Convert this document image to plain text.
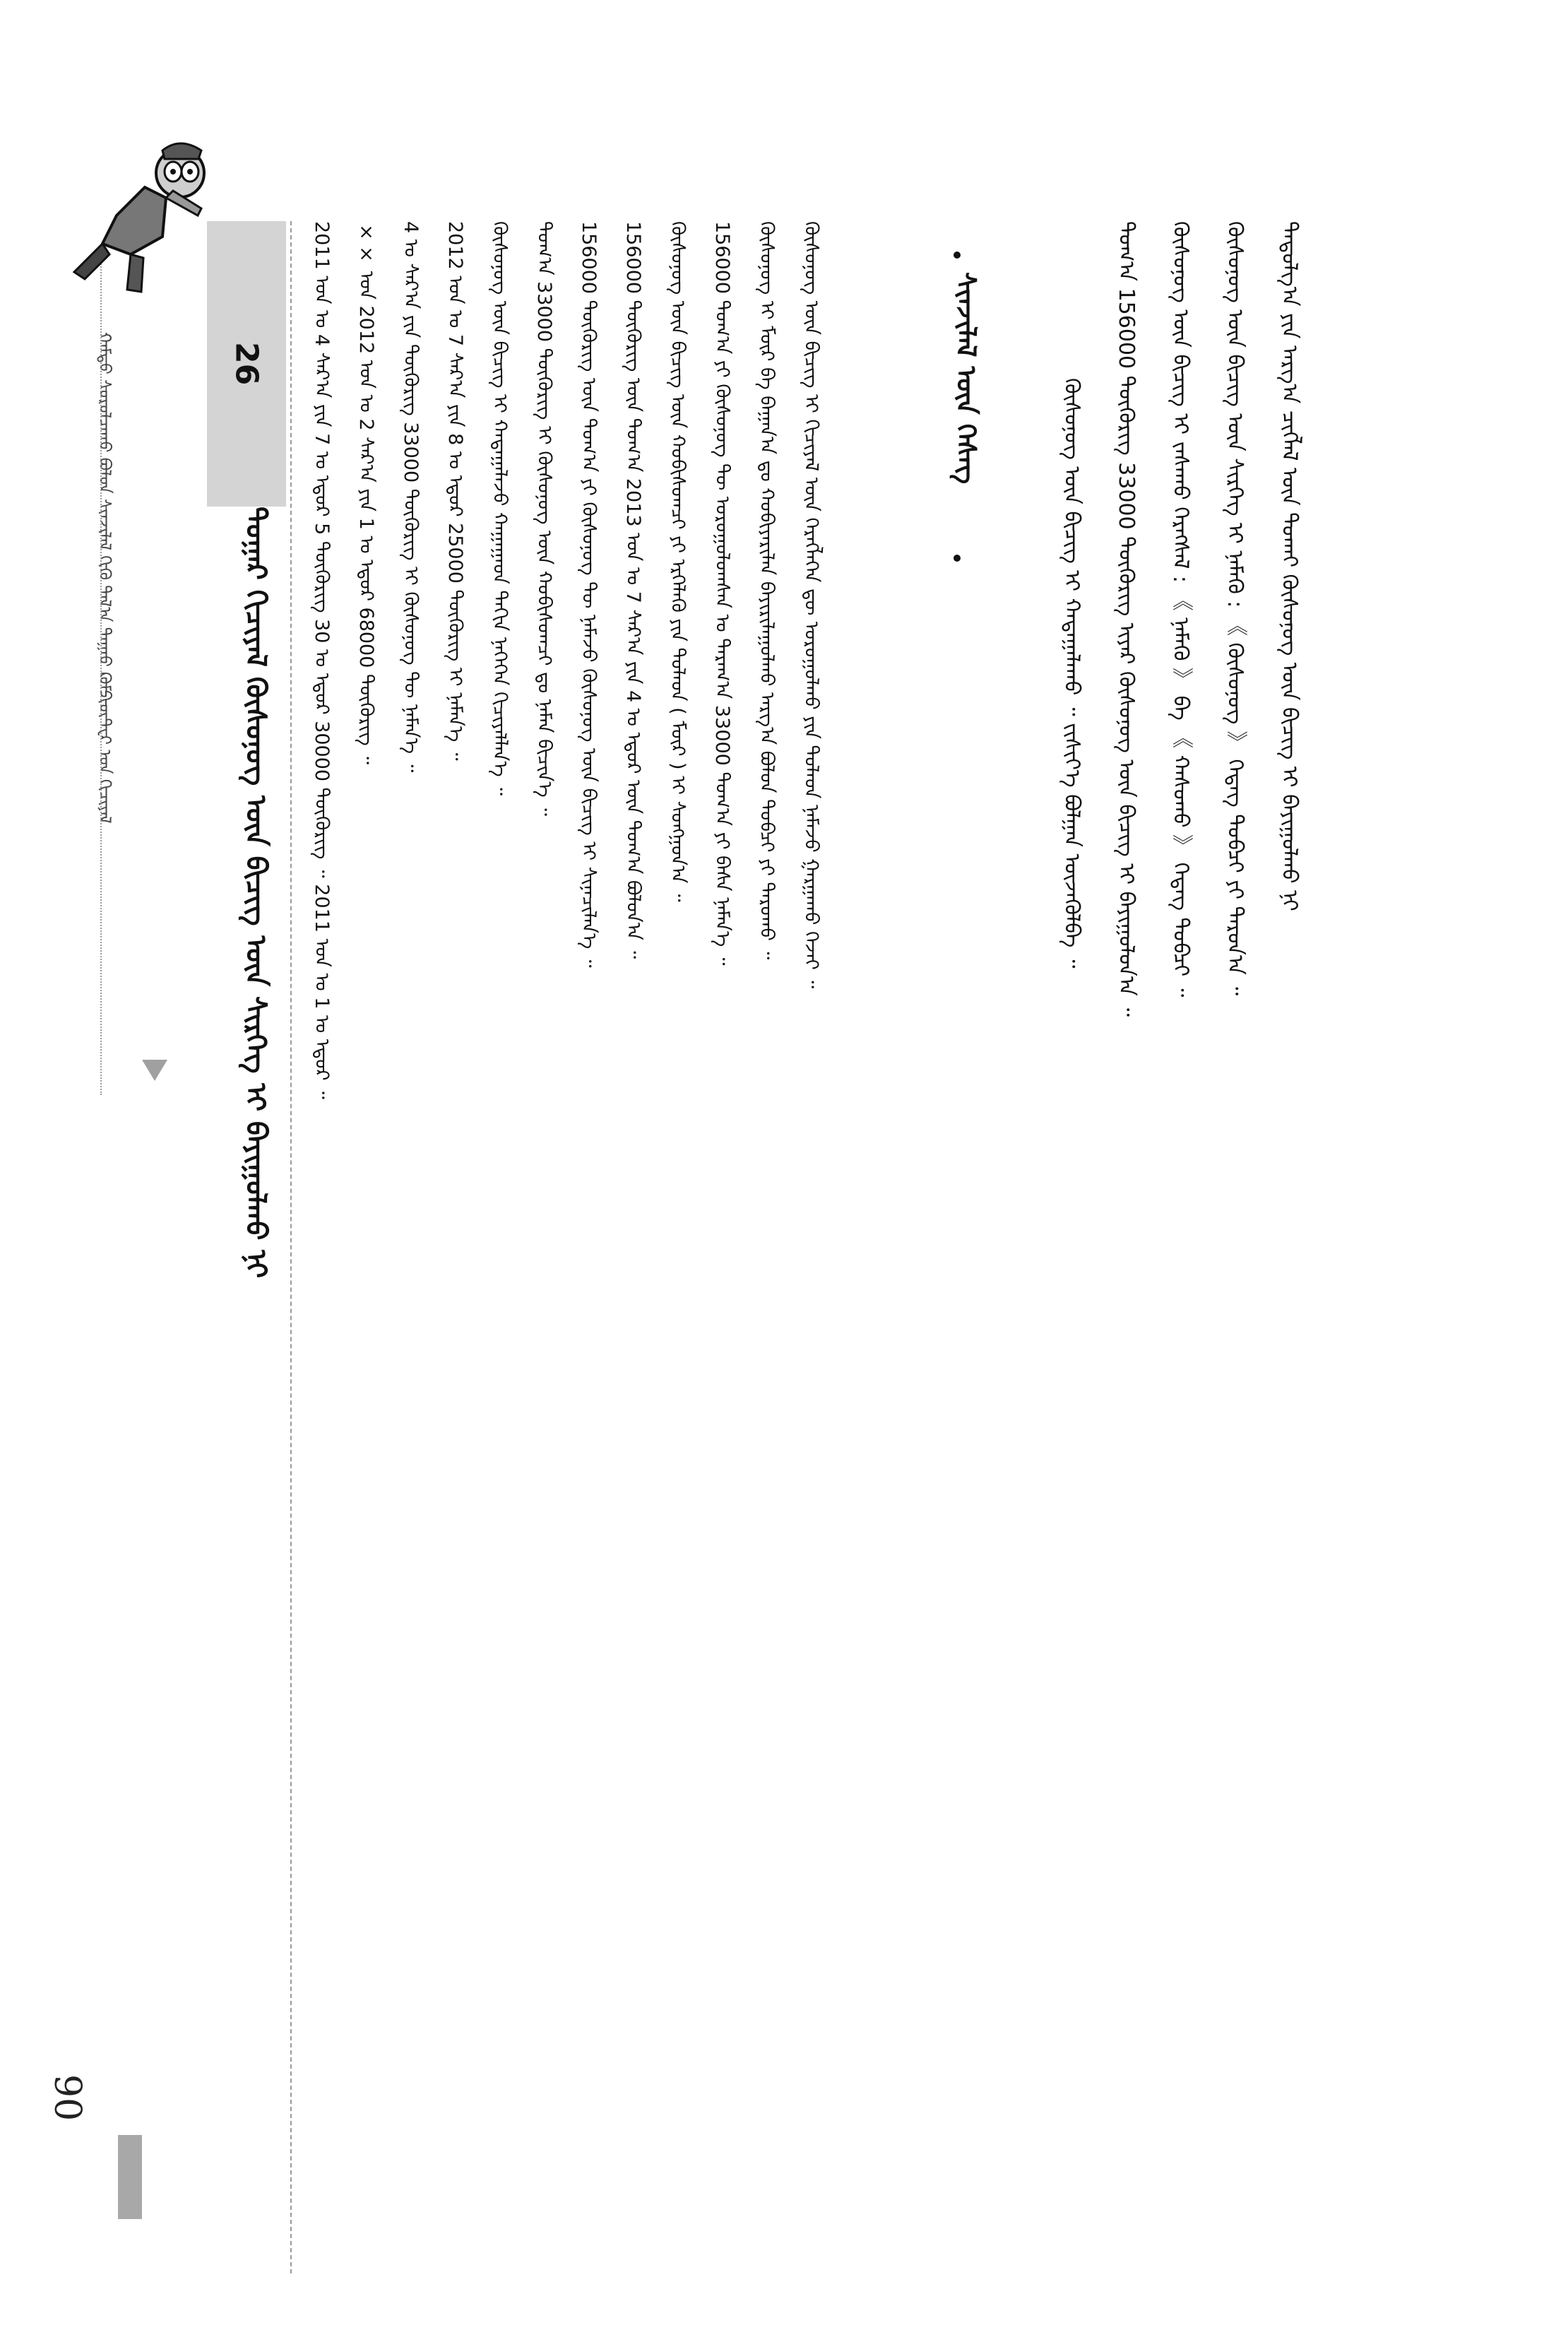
ᠬᠠᠮᠲᠤ ᠰᠤᠷᠤᠯᠴᠠᠬᠤ ᠪᠣᠯᠤᠨ ᠰᠢᠨᠵᠢᠯᠡᠯ ᠬᠢᠬᠦ ᠲᠠᠯ᠎ᠠ ᠳᠠᠭᠠᠤ ᠺᠣᠮᠫᠢᠦ᠋ᠲ᠋ᠧᠷ ᠤᠨ ᠬᠢᠴᠢᠶᠡᠯ
90
26
ᠳᠤᠭᠠᠷ ᠬᠢᠴᠢᠶᠡᠯ ᠬᠦᠰᠦᠨᠦᠭ ᠦᠨ ᠪᠢᠴᠢᠭ ᠦᠨ ᠰᠢᠷᠬᠡᠭ ᠢ ᠪᠠᠶᠢᠭᠤᠯᠬᠤ ᠨᠢ 2011 ᠣᠨ ᠤ 4 ᠰᠠᠷ᠎ᠠ ᠶᠢᠨ 7 ᠤ ᠡᠳᠦᠷ 5 ᠳᠦᠭᠦᠷᠢᠭ 30 ᠤ ᠡᠳᠦᠷ 30000 ᠳᠦᠭᠦᠷᠢᠭ ᠃ 2011 ᠣᠨ ᠤ 1 ᠤ ᠡᠳᠦᠷ ᠃ ×× ᠣᠨ 2012 ᠣᠨ ᠤ 2 ᠰᠠᠷ᠎ᠠ ᠶᠢᠨ 1 ᠤ ᠡᠳᠦᠷ 68000 ᠳᠦᠭᠦᠷᠢᠭ ᠃ 4 ᠤ ᠰᠠᠷ᠎ᠠ ᠶᠢᠨ ᠳᠦᠭᠦᠷᠢᠭ 33000 ᠳᠦᠭᠦᠷᠢᠭ ᠢ ᠬᠦᠰᠦᠨᠦᠭ ᠲᠦ ᠨᠡᠮᠡᠨ᠎ᠡ ᠃ 2012 ᠣᠨ ᠤ 7 ᠰᠠᠷ᠎ᠠ ᠶᠢᠨ 8 ᠤ ᠡᠳᠦᠷ 25000 ᠳᠦᠭᠦᠷᠢᠭ ᠢ ᠨᠡᠮᠡᠨ᠎ᠡ ᠃ ᠬᠦᠰᠦᠨᠦᠭ ᠦᠨ ᠪᠢᠴᠢᠭ ᠢ ᠬᠠᠳᠠᠭᠠᠯᠠᠵᠤ ᠬᠠᠭᠠᠭᠠᠳ ᠳᠠᠬᠢᠨ ᠨᠡᠭᠡᠭᠡᠨ ᠬᠢᠴᠢᠶᠡᠯᠯᠡᠨ᠎ᠡ ᠃ ᠲᠣᠭ᠎ᠠ 33000 ᠳᠦᠭᠦᠷᠢᠭ ᠢ ᠬᠦᠰᠦᠨᠦᠭ ᠦᠨ ᠬᠤᠪᠢᠰᠤᠭᠴᠢ ᠳᠤ ᠨᠡᠮᠡᠨ ᠪᠢᠴᠢᠨ᠎ᠡ ᠃ 156000 ᠳᠦᠭᠦᠷᠢᠭ ᠦᠨ ᠲᠣᠭ᠎ᠠ ᠶᠢ ᠬᠦᠰᠦᠨᠦᠭ ᠲᠦ ᠨᠡᠮᠡᠵᠦ ᠬᠦᠰᠦᠨᠦᠭ ᠦᠨ ᠪᠢᠴᠢᠭ ᠢ ᠰᠢᠨᠡᠴᠢᠯᠡᠨ᠎ᠡ ᠃ 156000 ᠳᠦᠭᠦᠷᠢᠭ ᠦᠨ ᠲᠣᠭ᠎ᠠ 2013 ᠣᠨ ᠤ 7 ᠰᠠᠷ᠎ᠠ ᠶᠢᠨ 4 ᠤ ᠡᠳᠦᠷ ᠦᠨ ᠲᠣᠭ᠎ᠠ ᠪᠣᠯᠤᠨ᠎ᠠ ᠃ ᠬᠦᠰᠦᠨᠦᠭ ᠦᠨ ᠪᠢᠴᠢᠭ ᠦᠨ ᠬᠤᠪᠢᠰᠤᠭᠴᠢ ᠶᠢ ᠡᠷᠬᠡᠯᠡᠬᠦ ᠶᠢᠨ ᠲᠤᠯᠠᠳ ( ᠮᠦᠷ ) ᠢ ᠰᠣᠩᠭᠣᠨ᠎ᠠ ᠃ 156000 ᠲᠣᠭ᠎ᠠ ᠶᠢ ᠬᠦᠰᠦᠨᠦᠭ ᠲᠦ ᠣᠷᠣᠭᠤᠯᠤᠭᠰᠠᠨ ᠤ ᠳᠠᠷᠠᠭ᠎ᠠ 33000 ᠲᠣᠭ᠎ᠠ ᠶᠢ ᠪᠠᠰᠠ ᠨᠡᠮᠡᠨ᠎ᠡ ᠃ ᠬᠦᠰᠦᠨᠦᠭ ᠢ ᠮᠦᠷ ᠪᠠ ᠪᠠᠭᠠᠨ᠎ᠠ ᠳᠤ ᠬᠤᠪᠢᠶᠠᠷᠢᠯᠠᠨ ᠪᠠᠶᠢᠷᠢᠯᠠᠭᠤᠯᠬᠤ ᠠᠷᠭ᠎ᠠ ᠪᠣᠯᠤᠨ ᠲᠣᠪᠴᠢ ᠶᠢ ᠳᠠᠷᠤᠬᠤ ᠃ ᠬᠦᠰᠦᠨᠦᠭ ᠦᠨ ᠪᠢᠴᠢᠭ ᠢ ᠬᠢᠴᠢᠶᠡᠯ ᠦᠨ ᠬᠡᠷᠡᠭᠯᠡᠭᠡᠨ ᠳᠦ ᠣᠷᠣᠭᠤᠯᠬᠤ ᠶᠢᠨ ᠲᠤᠯᠠᠳ ᠨᠡᠮᠡᠵᠦ ᠭᠠᠷᠭᠠᠬᠤ ᠭᠡᠵᠡᠢ ᠃	ᠰᠢᠨᠵᠢᠯᠡᠯ ᠦᠨ ᠬᠡᠰᠡᠭ	ᠬᠦᠰᠦᠨᠦᠭ ᠦᠨ ᠪᠢᠴᠢᠭ ᠢ ᠬᠠᠳᠠᠭᠠᠯᠠᠬᠤ ᠃ ᠵᠢᠱᠢᠶ᠎ᠡ ᠪᠣᠯᠭᠠᠨ ᠦᠵᠡᠭᠦᠯᠪᠡ ᠃ ᠲᠣᠭ᠎ᠠ 156000 ᠳᠦᠭᠦᠷᠢᠭ 33000 ᠳᠦᠭᠦᠷᠢᠭ ᠢᠶᠡᠷ ᠬᠦᠰᠦᠨᠦᠭ ᠦᠨ ᠪᠢᠴᠢᠭ ᠢ ᠪᠠᠶᠢᠭᠤᠯᠤᠨ᠎ᠠ ᠃ ᠬᠦᠰᠦᠨᠦᠭ ᠦᠨ ᠪᠢᠴᠢᠭ ᠢ ᠵᠠᠰᠠᠬᠤ ᠬᠡᠷᠡᠭᠰᠡᠯ : 《 ᠨᠡᠮᠡᠬᠦ 》 ᠪᠠ 《 ᠬᠠᠰᠤᠬᠤ 》 ᠭᠡᠳᠡᠭ ᠲᠣᠪᠴᠢ ᠃ ᠬᠦᠰᠦᠨᠦᠭ ᠦᠨ ᠪᠢᠴᠢᠭ ᠦᠨ ᠰᠢᠷᠬᠡᠭ ᠢ ᠨᠡᠮᠡᠬᠦ : 《 ᠬᠦᠰᠦᠨᠦᠭ 》 ᠭᠡᠳᠡᠭ ᠲᠣᠪᠴᠢ ᠶᠢ ᠳᠠᠷᠤᠨ᠎ᠠ ᠃ ᠳᠠᠳᠤᠯᠭ᠎ᠠ ᠶᠢᠨ ᠠᠷᠭ᠎ᠠ ᠴᠢᠭᠯᠡᠯ ᠦᠨ ᠲᠤᠬᠠᠢ ᠬᠦᠰᠦᠨᠦᠭ ᠦᠨ ᠪᠢᠴᠢᠭ ᠢ ᠪᠠᠶᠢᠭᠤᠯᠬᠤ ᠨᠢ
